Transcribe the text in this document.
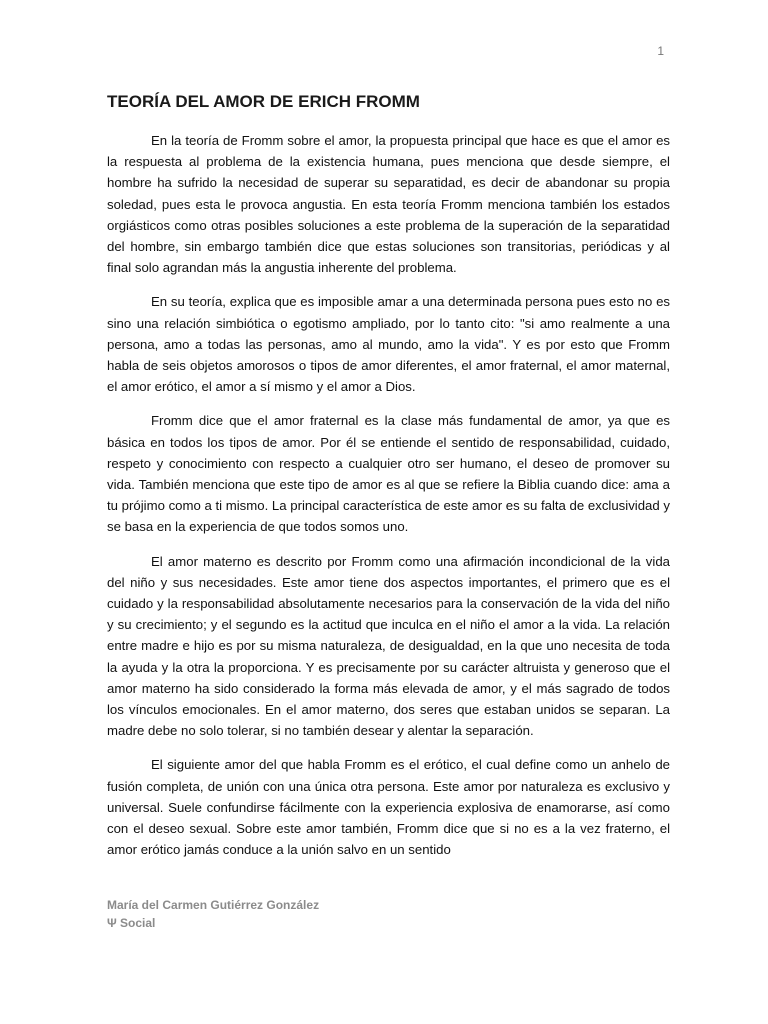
1
TEORÍA DEL AMOR DE ERICH FROMM

En la teoría de Fromm sobre el amor, la propuesta principal que hace es que el amor es la respuesta al problema de la existencia humana, pues menciona que desde siempre, el hombre ha sufrido la necesidad de superar su separatidad, es decir de abandonar su propia soledad, pues esta le provoca angustia. En esta teoría Fromm menciona también los estados orgiásticos como otras posibles soluciones a este problema de la superación de la separatidad del hombre, sin embargo también dice que estas soluciones son transitorias, periódicas y al final solo agrandan más la angustia inherente del problema.

En su teoría, explica que es imposible amar a una determinada persona pues esto no es sino una relación simbiótica o egotismo ampliado, por lo tanto cito: "si amo realmente a una persona, amo a todas las personas, amo al mundo, amo la vida". Y es por esto que Fromm habla de seis objetos amorosos o tipos de amor diferentes, el amor fraternal, el amor maternal, el amor erótico, el amor a sí mismo y el amor a Dios.

Fromm dice que el amor fraternal es la clase más fundamental de amor, ya que es básica en todos los tipos de amor. Por él se entiende el sentido de responsabilidad, cuidado, respeto y conocimiento con respecto a cualquier otro ser humano, el deseo de promover su vida. También menciona que este tipo de amor es al que se refiere la Biblia cuando dice: ama a tu prójimo como a ti mismo. La principal característica de este amor es su falta de exclusividad y se basa en la experiencia de que todos somos uno.

El amor materno es descrito por Fromm como una afirmación incondicional de la vida del niño y sus necesidades. Este amor tiene dos aspectos importantes, el primero que es el cuidado y la responsabilidad absolutamente necesarios para la conservación de la vida del niño y su crecimiento; y el segundo es la actitud que inculca en el niño el amor a la vida. La relación entre madre e hijo es por su misma naturaleza, de desigualdad, en la que uno necesita de toda la ayuda y la otra la proporciona. Y es precisamente por su carácter altruista y generoso que el amor materno ha sido considerado la forma más elevada de amor, y el más sagrado de todos los vínculos emocionales. En el amor materno, dos seres que estaban unidos se separan. La madre debe no solo tolerar, si no también desear y alentar la separación.

El siguiente amor del que habla Fromm es el erótico, el cual define como un anhelo de fusión completa, de unión con una única otra persona. Este amor por naturaleza es exclusivo y universal. Suele confundirse fácilmente con la experiencia explosiva de enamorarse, así como con el deseo sexual. Sobre este amor también, Fromm dice que si no es a la vez fraterno, el amor erótico jamás conduce a la unión salvo en un sentido

María del Carmen Gutiérrez González
Ψ Social
